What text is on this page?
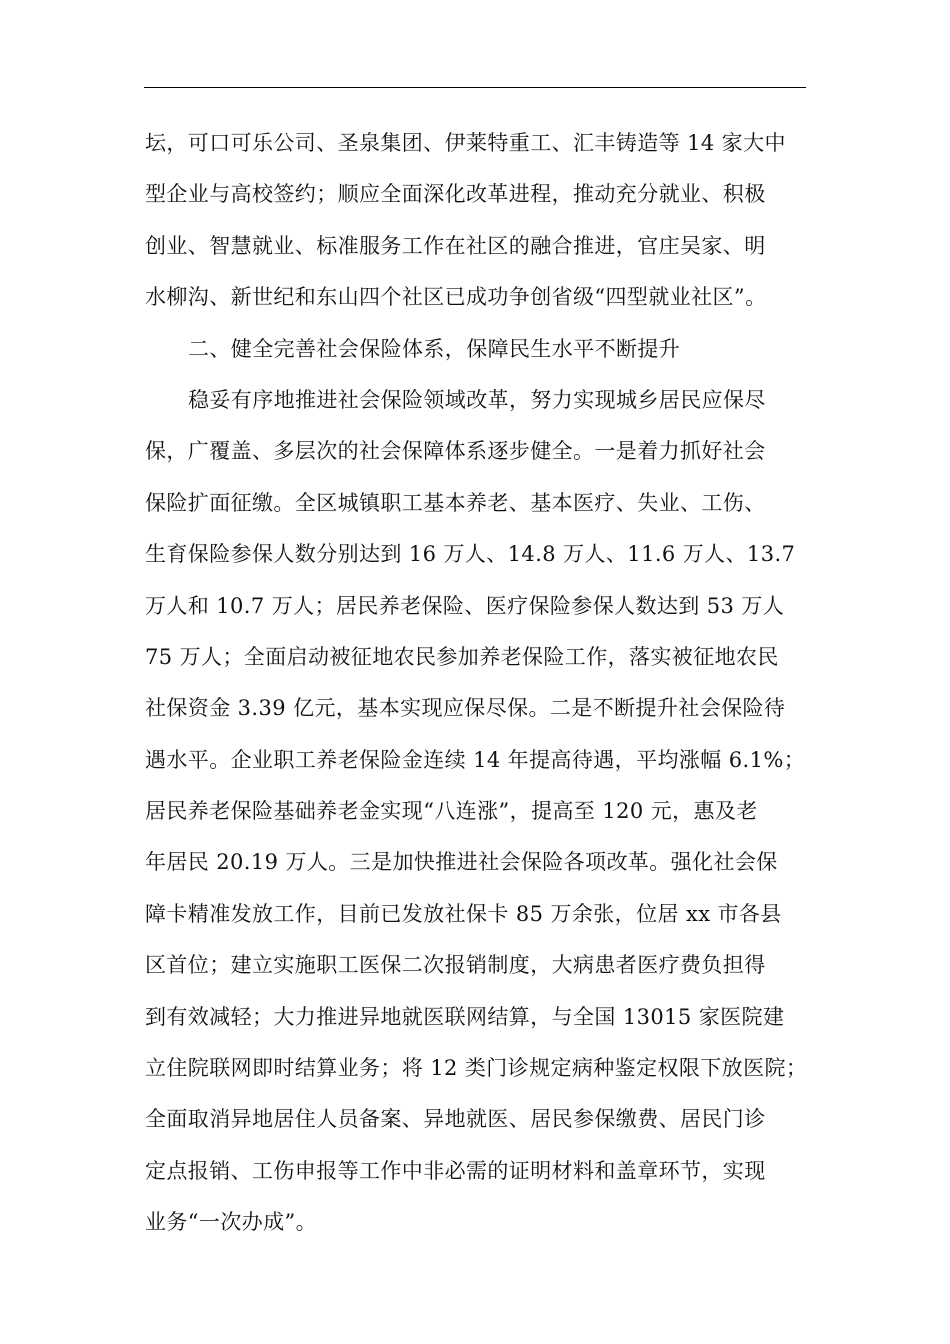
坛，可口可乐公司、圣泉集团、伊莱特重工、汇丰铸造等 14 家大中
型企业与高校签约；顺应全面深化改革进程，推动充分就业、积极
创业、智慧就业、标准服务工作在社区的融合推进，官庄吴家、明
水柳沟、新世纪和东山四个社区已成功争创省级“四型就业社区”。
二、健全完善社会保险体系，保障民生水平不断提升
稳妥有序地推进社会保险领域改革，努力实现城乡居民应保尽
保，广覆盖、多层次的社会保障体系逐步健全。一是着力抓好社会
保险扩面征缴。全区城镇职工基本养老、基本医疗、失业、工伤、
生育保险参保人数分别达到 16 万人、14.8 万人、11.6 万人、13.7
万人和 10.7 万人；居民养老保险、医疗保险参保人数达到 53 万人
75 万人；全面启动被征地农民参加养老保险工作，落实被征地农民
社保资金 3.39 亿元，基本实现应保尽保。二是不断提升社会保险待
遇水平。企业职工养老保险金连续 14 年提高待遇，平均涨幅 6.1%；
居民养老保险基础养老金实现“八连涨”，提高至 120 元，惠及老
年居民 20.19 万人。三是加快推进社会保险各项改革。强化社会保
障卡精准发放工作，目前已发放社保卡 85 万余张，位居 xx 市各县
区首位；建立实施职工医保二次报销制度，大病患者医疗费负担得
到有效减轻；大力推进异地就医联网结算，与全国 13015 家医院建
立住院联网即时结算业务；将 12 类门诊规定病种鉴定权限下放医院；
全面取消异地居住人员备案、异地就医、居民参保缴费、居民门诊
定点报销、工伤申报等工作中非必需的证明材料和盖章环节，实现
业务“一次办成”。
